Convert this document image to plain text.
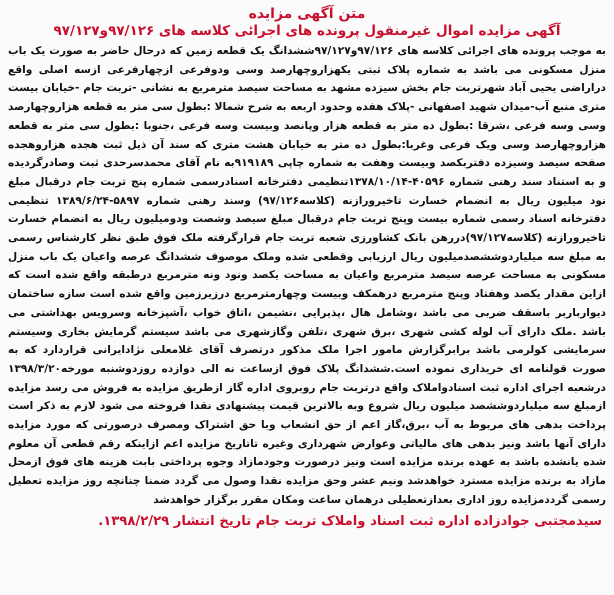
متن آگهی مزایده
آگهی مزایده اموال غیرمنقول پرونده های اجرائی کلاسه های ۹۷/۱۲۶و۹۷/۱۲۷

به موجب پرونده های اجرائی کلاسه های ۹۷/۱۲۶و۹۷/۱۲۷ششدانگ یک قطعه زمین که درحال حاضر به صورت یک باب منزل مسکونی می باشد به شماره پلاک ثبتی یکهزاروچهارصد وسی ودوفرعی ازچهارفرعی ازسه اصلی واقع دراراضی یحیی آباد شهرتربت جام بخش سیزده مشهد به مساحت سیصد مترمربع به نشانی -تربت جام -خیابان بیست متری منبع آب-میدان شهید اصفهانی -پلاک هفده وحدود اربعه به شرح شمالا :بطول سی متر به قطعه هزاروچهارصد وسی وسه فرعی ،شرقا :بطول ده متر به قطعه هزار وپانصد وبیست وسه فرعی ،جنوبا :بطول سی متر به قطعه هزاروچهارصد وسی ویک فرعی وغربا:بطول ده متر به خیابان هشت متری که سند آن ذیل ثبت هجده هزاروهجده صفحه سیصد وسیزده دفتربکصد وبیست وهفت به شماره چاپی ۹۱۹۱۸۹به نام آقای محمدسرحدی ثبت وصادرگردیده و به استناد سند رهنی شماره ۴۰۵۹۶-۱۳۷۸/۱۰/۱۴تنظیمی دفترخانه اسنادرسمی شماره پنج تربت جام درقبال مبلغ نود میلیون ریال به انضمام خسارت تاخیرورازنه (کلاسه۹۷/۱۲۶) وسند رهنی شماره ۵۸۹۷-۱۳۸۹/۶/۲۴ تنظیمی دفترخانه اسناد رسمی شماره بیست وپنج تربت جام درقبال مبلغ سیصد وشصت ودومیلیون ریال به انضمام خسارت تاخیرورازنه (کلاسه۹۷/۱۲۷)دررهن بانک کشاورزی شعبه تربت جام قرارگرفته ملک فوق طبق نظر کارشناس رسمی به مبلغ سه میلیاردوششصدمیلیون ریال ارزیابی وقطعی شده وملک موصوف ششدانگ عرصه واعیان یک باب منزل مسکونی به مساحت عرصه سیصد مترمربع واعیان به مساحت یکصد ونود ونه مترمربع درطبقه واقع شده است که ازاین مقدار یکصد وهفتاد وپنج مترمربع درهمکف وبیست وچهارمترمربع درزیرزمین واقع شده است سازه ساختمان دیوارباربر باسقف ضربی می باشد ،وشامل هال ،پذیرایی ،نشیمن ،اتاق خواب ،آشپزخانه وسرویس بهداشتی می باشد .ملک دارای آب لوله کشی شهری ،برق شهری ،تلفن وگازشهری می باشد سیستم گرمایش بخاری وسیستم سرمایشی کولرمی باشد برابرگزارش مامور اجرا ملک مذکور درتصرف آقای غلامعلی نژادایرانی قراردارد که به صورت قولنامه ای خریداری نموده است.ششدانگ پلاک فوق ازساعت نه الی دوازده روزدوشنبه مورخه۱۳۹۸/۳/۲۰ درشعبه اجرای اداره ثبت اسنادواملاک واقع درتربت جام روبروی اداره گاز ازطریق مزایده به فروش می رسد مزایده ازمبلغ سه میلیاردوششصد میلیون ریال شروع وبه بالاترین قیمت پیشنهادی نقدا فروخته می شود لازم به ذکر است پرداخت بدهی های مربوط به آب ،برق،گاز اعم از حق انشعاب وبا حق اشتراک ومصرف درصورتی که مورد مزایده دارای آنها باشد ونیز بدهی های مالیاتی وعوارض شهرداری وغیره تاتاریخ مزایده اعم ازاینکه رقم قطعی آن معلوم شده یانشده باشد به عهده برنده مزایده است ونیز درصورت وجودمازاد وجوه پرداختی بابت هزینه های فوق ازمحل مازاد به برنده مزایده مسترد خواهدشد ونیم عشر وحق مزایده نقدا وصول می گردد ضمنا چنانچه روز مزایده تعطیل رسمی گرددمزایده روز اداری بعدازتعطیلی درهمان ساعت ومکان مقرر برگزار خواهدشد

سیدمجتبی جوادزاده اداره ثبت اسناد واملاک تربت جام تاریخ انتشار ۱۳۹۸/۲/۲۹.
